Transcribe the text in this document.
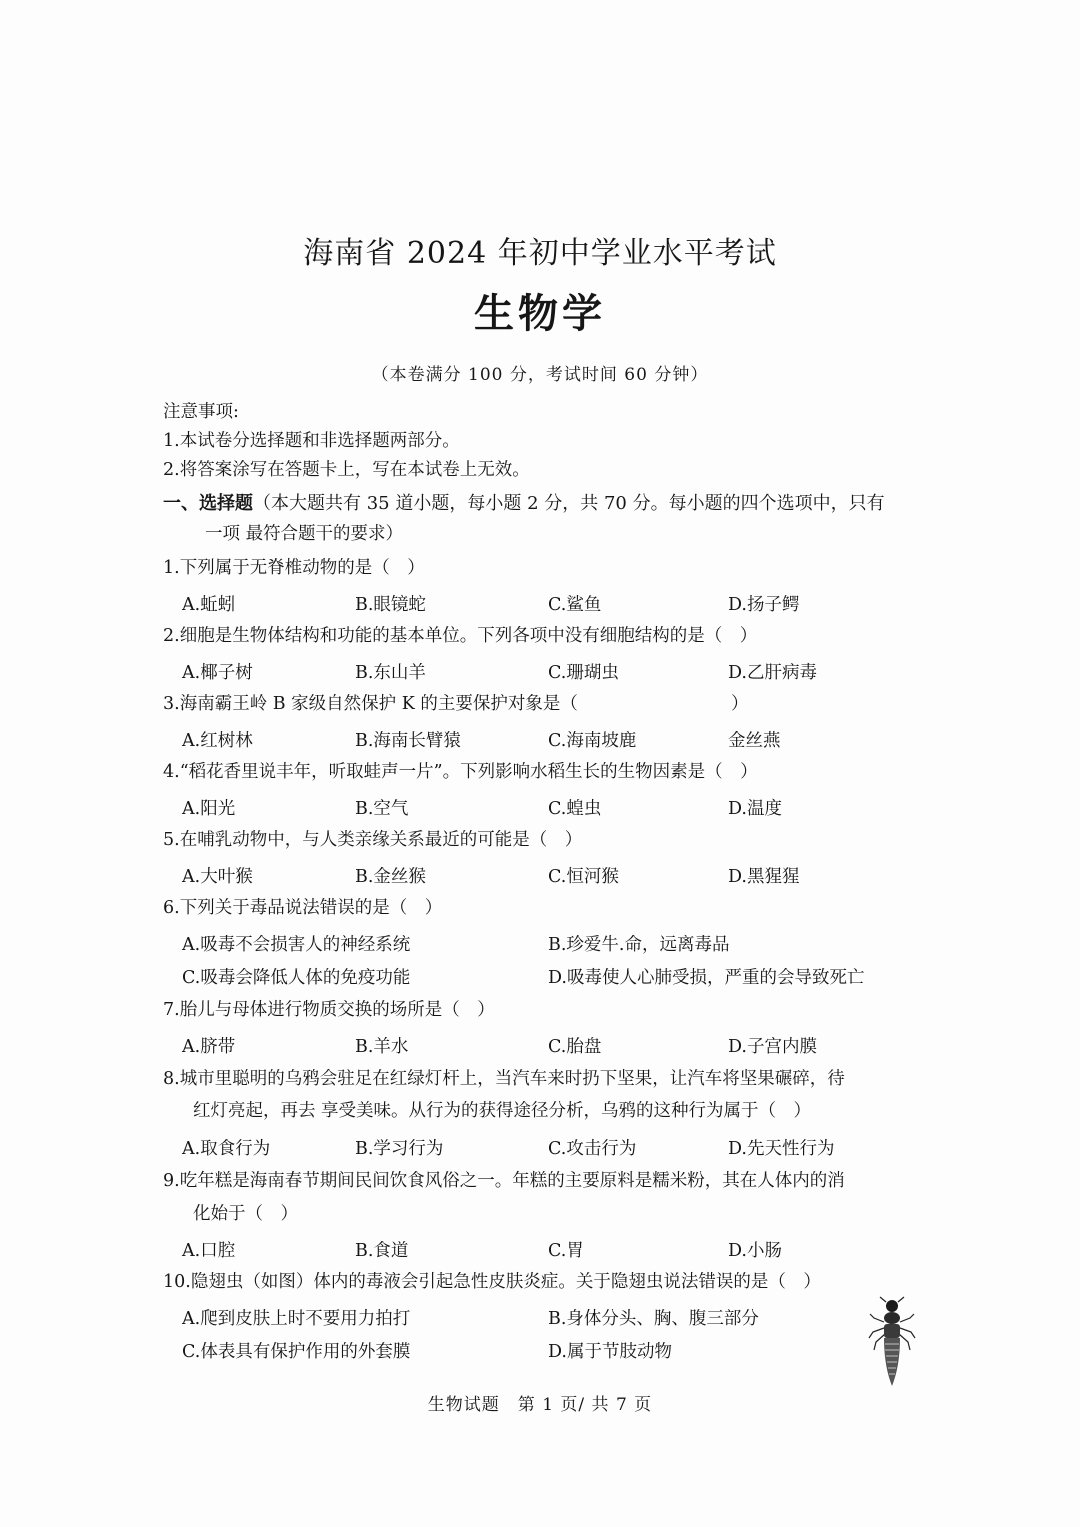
海南省 2024 年初中学业水平考试
生物学
（本卷满分 100 分，考试时间 60 分钟）
注意事项:
1.本试卷分选择题和非选择题两部分。
2.将答案涂写在答题卡上，写在本试卷上无效。
一、选择题（本大题共有 35 道小题，每小题 2 分，共 70 分。每小题的四个选项中，只有
一项 最符合题干的要求）
1.下列属于无脊椎动物的是（　）
A.蚯蚓	B.眼镜蛇	C.鲨鱼	D.扬子鳄
2.细胞是生物体结构和功能的基本单位。下列各项中没有细胞结构的是（　）
A.椰子树	B.东山羊	C.珊瑚虫	D.乙肝病毒
3.海南霸王岭 B 家级自然保护 K 的主要保护对象是（	）
A.红树林	B.海南长臂猿	C.海南坡鹿	金丝燕
4.“稻花香里说丰年，听取蛙声一片”。下列影响水稻生长的生物因素是（　）
A.阳光	B.空气	C.蝗虫	D.温度
5.在哺乳动物中，与人类亲缘关系最近的可能是（　）
A.大叶猴	B.金丝猴	C.恒河猴	D.黑猩猩
6.下列关于毒品说法错误的是（　）
A.吸毒不会损害人的神经系统	B.珍爱牛.命，远离毒品
C.吸毒会降低人体的免疫功能	D.吸毒使人心肺受损，严重的会导致死亡
7.胎儿与母体进行物质交换的场所是（　）
A.脐带	B.羊水	C.胎盘	D.子宫内膜
8.城市里聪明的乌鸦会驻足在红绿灯杆上，当汽车来时扔下坚果，让汽车将坚果碾碎，待
红灯亮起，再去 享受美味。从行为的获得途径分析，乌鸦的这种行为属于（　）
A.取食行为	B.学习行为	C.攻击行为	D.先天性行为
9.吃年糕是海南春节期间民间饮食风俗之一。年糕的主要原料是糯米粉，其在人体内的消
化始于（　）
A.口腔	B.食道	C.胃	D.小肠
10.隐翅虫（如图）体内的毒液会引起急性皮肤炎症。关于隐翅虫说法错误的是（　）
A.爬到皮肤上时不要用力拍打	B.身体分头、胸、腹三部分
C.体表具有保护作用的外套膜	D.属于节肢动物
生物试题　第 1 页/ 共 7 页
